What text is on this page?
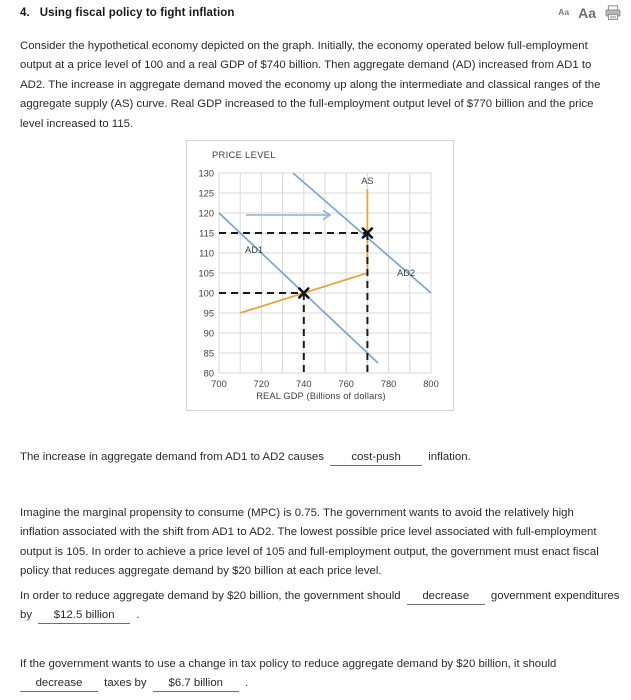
4. Using fiscal policy to fight inflation	Aa Aa
Consider the hypothetical economy depicted on the graph. Initially, the economy operated below full-employment output at a price level of 100 and a real GDP of $740 billion. Then aggregate demand (AD) increased from AD1 to AD2. The increase in aggregate demand moved the economy up along the intermediate and classical ranges of the aggregate supply (AS) curve. Real GDP increased to the full-employment output level of $770 billion and the price level increased to 115.
PRICE LEVEL
130
125
120
115
110
105
100
95
90
85
80
700	720	740	760	780	800
AD1
AD2
AS
REAL GDP (Billions of dollars)
The increase in aggregate demand from AD1 to AD2 causes cost-push inflation.
Imagine the marginal propensity to consume (MPC) is 0.75. The government wants to avoid the relatively high inflation associated with the shift from AD1 to AD2. The lowest possible price level associated with full-employment output is 105. In order to achieve a price level of 105 and full-employment output, the government must enact fiscal policy that reduces aggregate demand by $20 billion at each price level.
In order to reduce aggregate demand by $20 billion, the government should decrease government expenditures by $12.5 billion .
If the government wants to use a change in tax policy to reduce aggregate demand by $20 billion, it should decrease taxes by $6.7 billion .
